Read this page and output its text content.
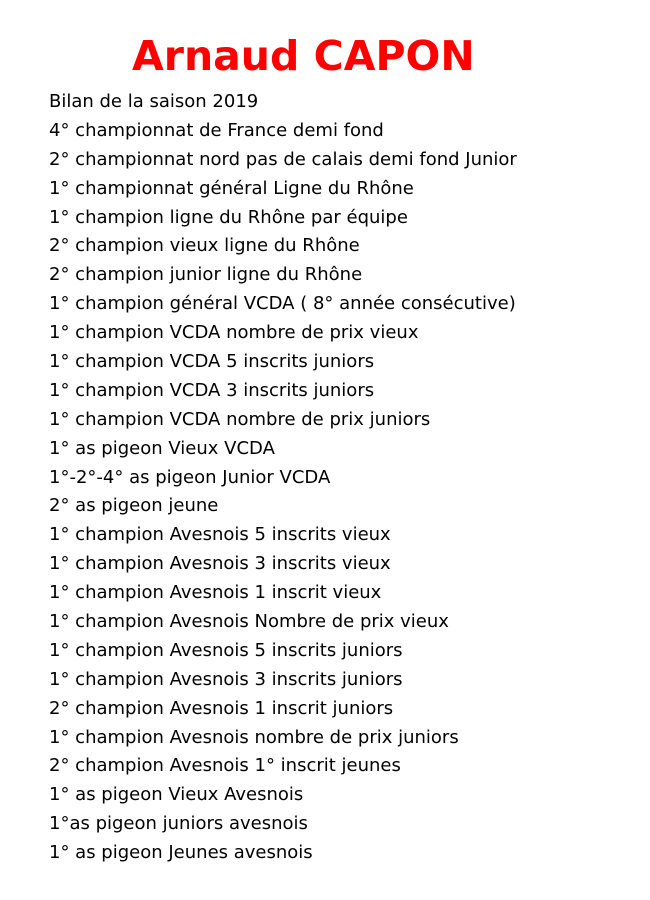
Arnaud CAPON
Bilan de la saison 2019
4° championnat de France demi fond
2° championnat nord pas de calais demi fond Junior
1° championnat général Ligne du Rhône
1° champion ligne du Rhône par équipe
2° champion vieux ligne du Rhône
2° champion junior ligne du Rhône
1° champion général VCDA ( 8° année consécutive)
1° champion VCDA nombre de prix vieux
1° champion VCDA 5 inscrits juniors
1° champion VCDA 3 inscrits juniors
1° champion VCDA nombre de prix juniors
1° as pigeon Vieux VCDA
1°-2°-4° as pigeon Junior VCDA
2° as pigeon jeune
1° champion Avesnois 5 inscrits vieux
1° champion Avesnois 3 inscrits vieux
1° champion Avesnois 1 inscrit vieux
1° champion Avesnois Nombre de prix vieux
1° champion Avesnois 5 inscrits juniors
1° champion Avesnois 3 inscrits juniors
2° champion Avesnois 1 inscrit juniors
1° champion Avesnois nombre de prix juniors
2° champion Avesnois 1° inscrit jeunes
1° as pigeon Vieux Avesnois
1°as pigeon juniors avesnois
1° as pigeon Jeunes avesnois
